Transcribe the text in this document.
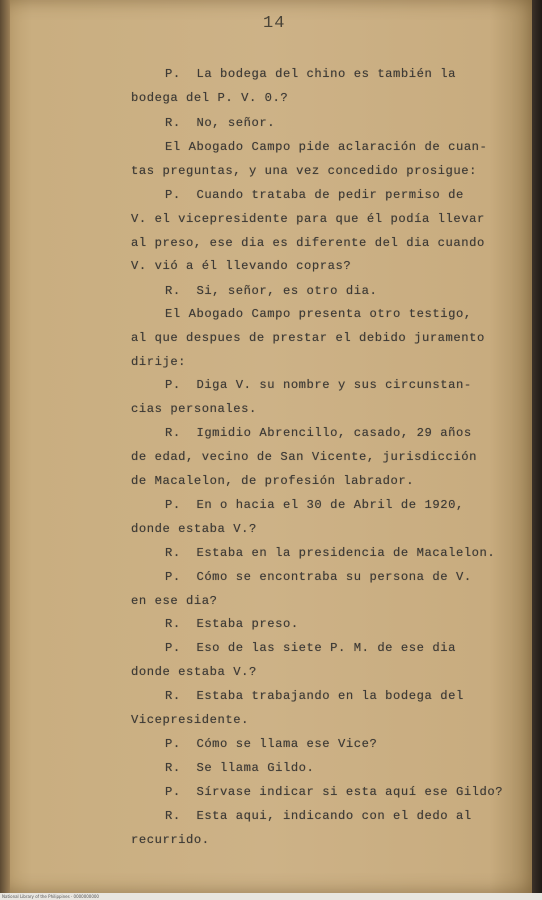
14
P.  La bodega del chino es también la
bodega del P. V. 0.?
R.  No, señor.
El Abogado Campo pide aclaración de cuan-
tas preguntas, y una vez concedido prosigue:
P.  Cuando trataba de pedir permiso de
V. el vicepresidente para que él podía llevar
al preso, ese dia es diferente del dia cuando
V. vió a él llevando copras?
R.  Si, señor, es otro dia.
El Abogado Campo presenta otro testigo,
al que despues de prestar el debido juramento
dirije:
P.  Diga V. su nombre y sus circunstan-
cias personales.
R.  Igmidio Abrencillo, casado, 29 años
de edad, vecino de San Vicente, jurisdicción
de Macalelon, de profesión labrador.
P.  En o hacia el 30 de Abril de 1920,
donde estaba V.?
R.  Estaba en la presidencia de Macalelon.
P.  Cómo se encontraba su persona de V.
en ese dia?
R.  Estaba preso.
P.  Eso de las siete P. M. de ese dia
donde estaba V.?
R.  Estaba trabajando en la bodega del
Vicepresidente.
P.  Cómo se llama ese Vice?
R.  Se llama Gildo.
P.  Sírvase indicar si esta aquí ese Gildo?
R.  Esta aqui, indicando con el dedo al
recurrido.
National Library of the Philippines · 0000000000
